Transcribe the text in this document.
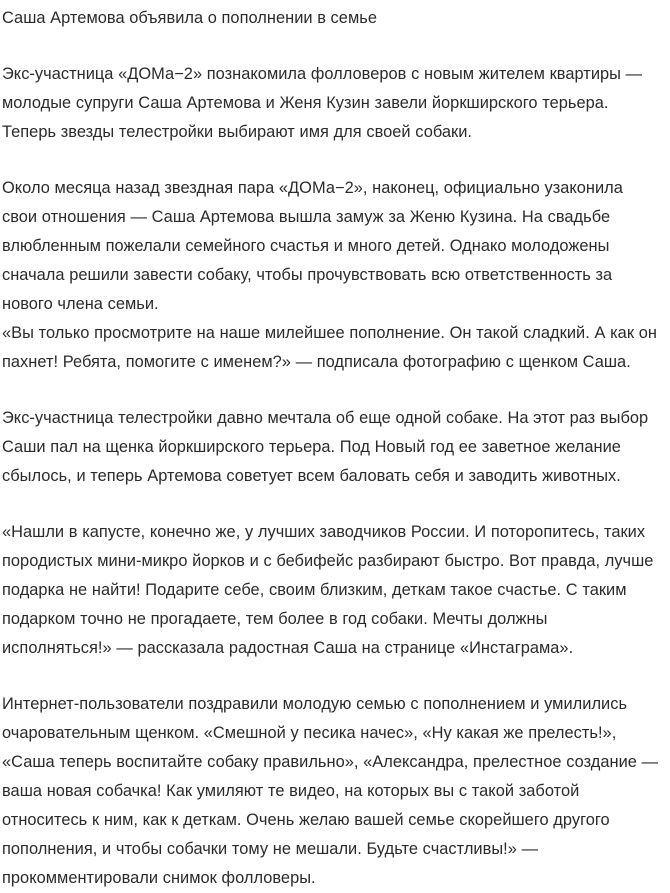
Саша Артемова объявила о пополнении в семье

Экс-участница «ДОМа−2» познакомила фолловеров с новым жителем квартиры — молодые супруги Саша Артемова и Женя Кузин завели йоркширского терьера. Теперь звезды телестройки выбирают имя для своей собаки.

Около месяца назад звездная пара «ДОМа−2», наконец, официально узаконила свои отношения — Саша Артемова вышла замуж за Женю Кузина. На свадьбе влюбленным пожелали семейного счастья и много детей. Однако молодожены сначала решили завести собаку, чтобы прочувствовать всю ответственность за нового члена семьи.

«Вы только просмотрите на наше милейшее пополнение. Он такой сладкий. А как он пахнет! Ребята, помогите с именем?» — подписала фотографию с щенком Саша.

Экс-участница телестройки давно мечтала об еще одной собаке. На этот раз выбор Саши пал на щенка йоркширского терьера. Под Новый год ее заветное желание сбылось, и теперь Артемова советует всем баловать себя и заводить животных.

«Нашли в капусте, конечно же, у лучших заводчиков России. И поторопитесь, таких породистых мини-микро йорков и с бебифейс разбирают быстро. Вот правда, лучше подарка не найти! Подарите себе, своим близким, деткам такое счастье. С таким подарком точно не прогадаете, тем более в год собаки. Мечты должны исполняться!» — рассказала радостная Саша на странице «Инстаграма».

Интернет-пользователи поздравили молодую семью с пополнением и умилились очаровательным щенком. «Смешной у песика начес», «Ну какая же прелесть!», «Саша теперь воспитайте собаку правильно», «Александра, прелестное создание — ваша новая собачка! Как умиляют те видео, на которых вы с такой заботой относитесь к ним, как к деткам. Очень желаю вашей семье скорейшего другого пополнения, и чтобы собачки тому не мешали. Будьте счастливы!» — прокомментировали снимок фолловеры.
